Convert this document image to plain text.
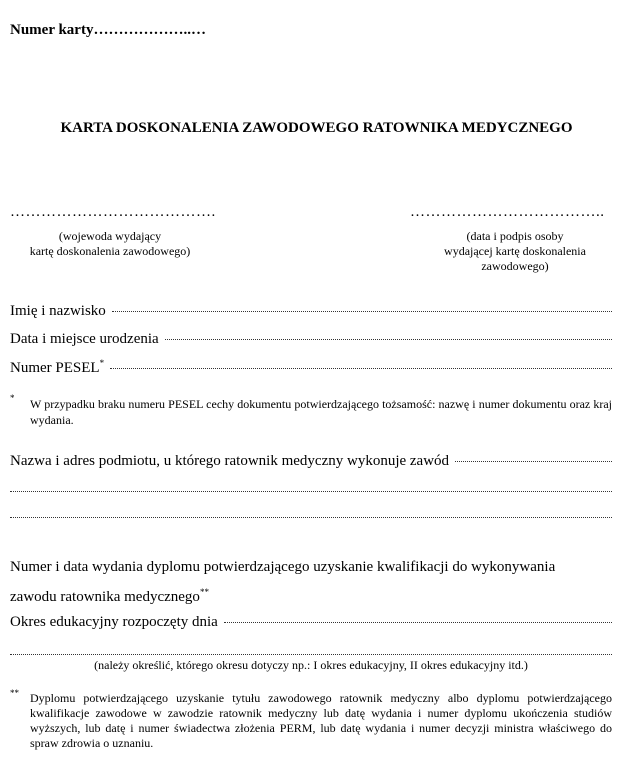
Numer karty………………..…
KARTA DOSKONALENIA ZAWODOWEGO RATOWNIKA MEDYCZNEGO
………………………………….
(wojewoda wydający
kartę doskonalenia zawodowego)
………………………………..
(data i podpis osoby
wydającej kartę doskonalenia
zawodowego)
Imię i nazwisko
Data i miejsce urodzenia
Numer PESEL*
* W przypadku braku numeru PESEL cechy dokumentu potwierdzającego tożsamość: nazwę i numer dokumentu oraz kraj wydania.
Nazwa i adres podmiotu, u którego ratownik medyczny wykonuje zawód
Numer i data wydania dyplomu potwierdzającego uzyskanie kwalifikacji do wykonywania
zawodu ratownika medycznego**
Okres edukacyjny rozpoczęty dnia
(należy określić, którego okresu dotyczy np.: I okres edukacyjny, II okres edukacyjny itd.)
** Dyplomu potwierdzającego uzyskanie tytułu zawodowego ratownik medyczny albo dyplomu potwierdzającego kwalifikacje zawodowe w zawodzie ratownik medyczny lub datę wydania i numer dyplomu ukończenia studiów wyższych, lub datę i numer świadectwa złożenia PERM, lub datę wydania i numer decyzji ministra właściwego do spraw zdrowia o uznaniu.
